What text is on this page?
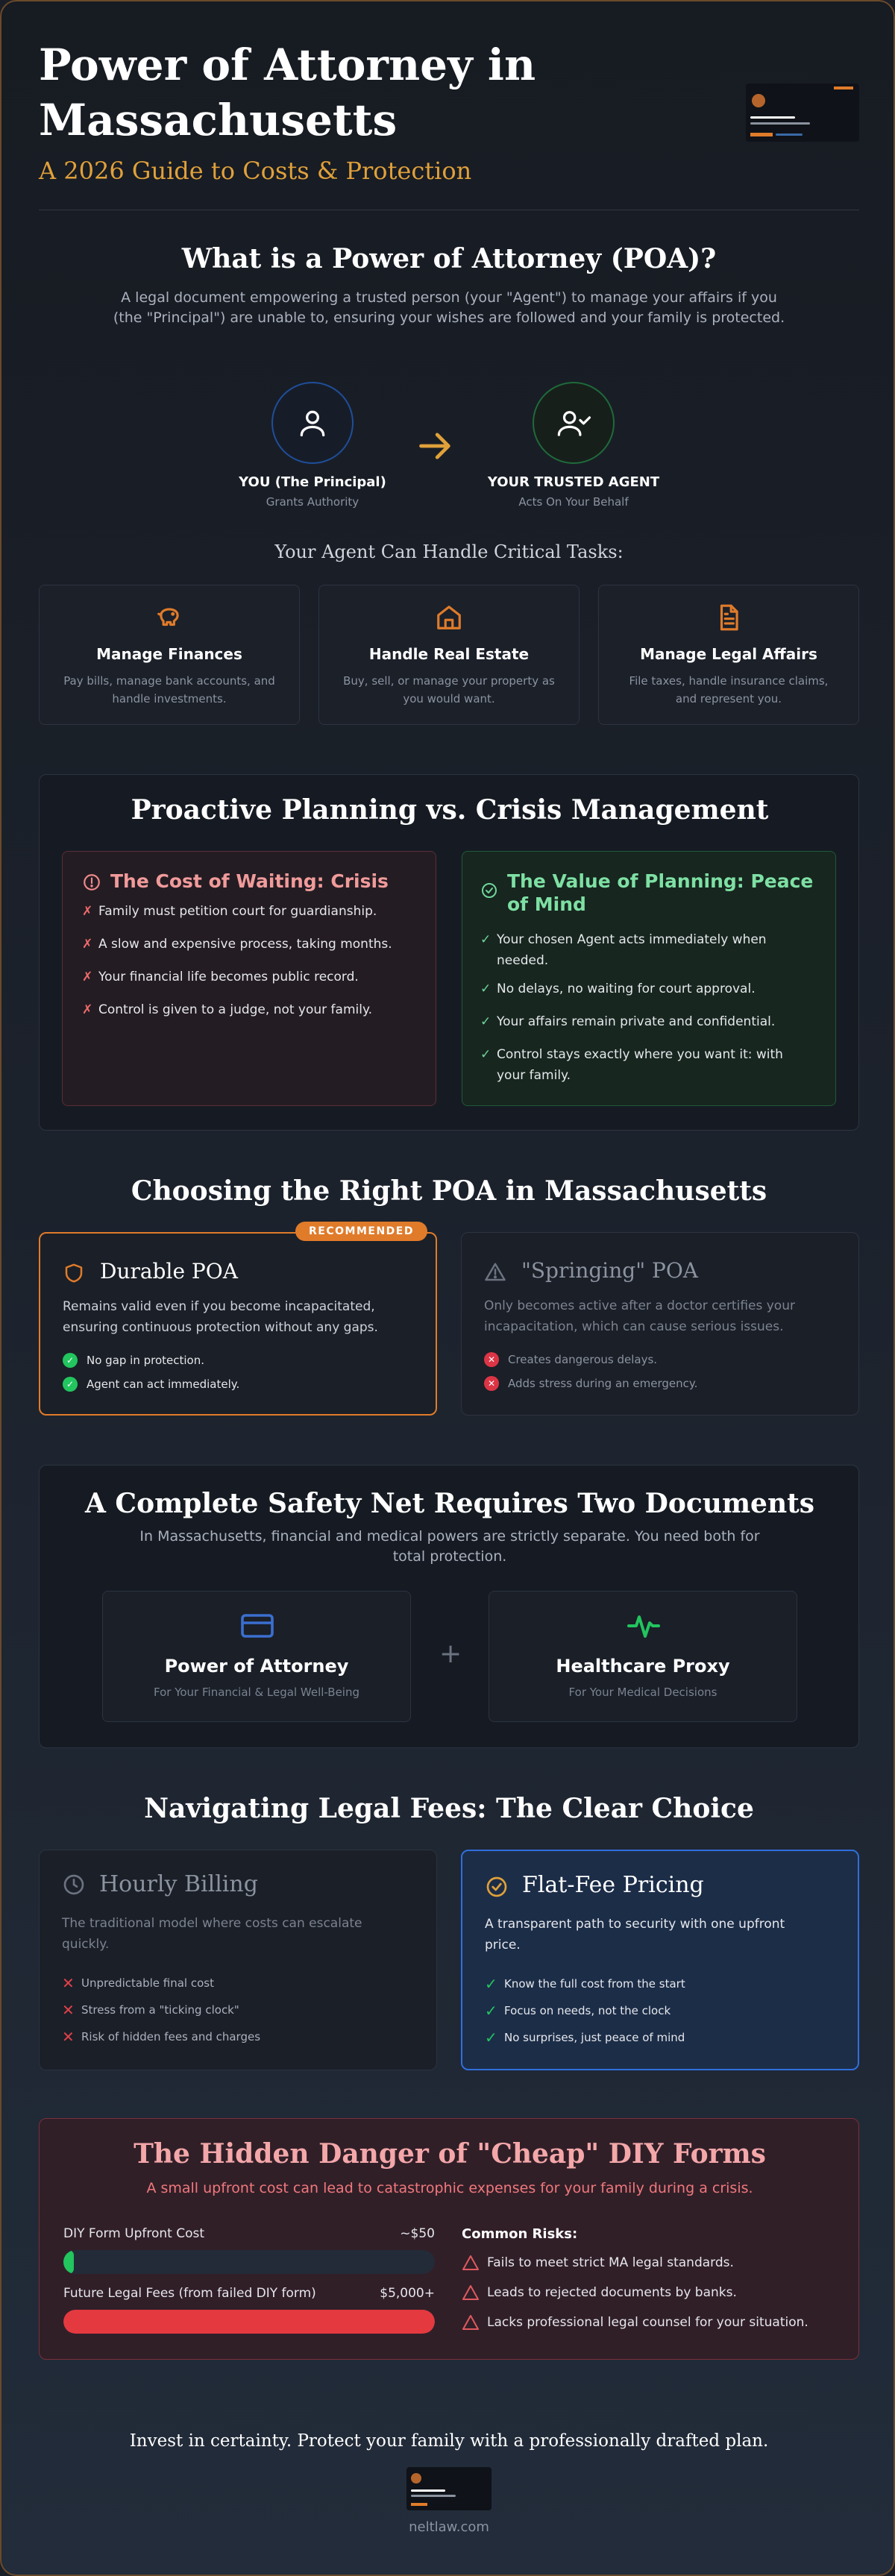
Power of Attorney in
Massachusetts
A 2026 Guide to Costs & Protection
What is a Power of Attorney (POA)?
A legal document empowering a trusted person (your "Agent") to manage your affairs if you (the "Principal") are unable to, ensuring your wishes are followed and your family is protected.
YOU (The Principal)
Grants Authority
YOUR TRUSTED AGENT
Acts On Your Behalf
Your Agent Can Handle Critical Tasks:
Manage Finances
Pay bills, manage bank accounts, and handle investments.
Handle Real Estate
Buy, sell, or manage your property as you would want.
Manage Legal Affairs
File taxes, handle insurance claims, and represent you.
Proactive Planning vs. Crisis Management
The Cost of Waiting: Crisis
✗ Family must petition court for guardianship.
✗ A slow and expensive process, taking months.
✗ Your financial life becomes public record.
✗ Control is given to a judge, not your family.
The Value of Planning: Peace
of Mind
✓ Your chosen Agent acts immediately when
needed.
✓ No delays, no waiting for court approval.
✓ Your affairs remain private and confidential.
✓ Control stays exactly where you want it: with
your family.
Choosing the Right POA in Massachusetts
Durable POA
Remains valid even if you become incapacitated,
ensuring continuous protection without any gaps.
✓	No gap in protection.
✓	Agent can act immediately.
RECOMMENDED
"Springing" POA
Only becomes active after a doctor certifies your
incapacitation, which can cause serious issues.
✕	Creates dangerous delays.
✕	Adds stress during an emergency.
A Complete Safety Net Requires Two Documents
In Massachusetts, financial and medical powers are strictly separate. You need both for
total protection.
Power of Attorney
For Your Financial & Legal Well-Being
+	Healthcare Proxy
For Your Medical Decisions
Navigating Legal Fees: The Clear Choice
Hourly Billing
The traditional model where costs can escalate
quickly.
✕ Unpredictable final cost
✕ Stress from a "ticking clock"
✕ Risk of hidden fees and charges
Flat-Fee Pricing
A transparent path to security with one upfront
price.
✓ Know the full cost from the start
✓ Focus on needs, not the clock
✓ No surprises, just peace of mind
The Hidden Danger of "Cheap" DIY Forms
A small upfront cost can lead to catastrophic expenses for your family during a crisis.
DIY Form Upfront Cost	~$50
Future Legal Fees (from failed DIY form)	$5,000+
Common Risks:
Fails to meet strict MA legal standards.
Leads to rejected documents by banks.
Lacks professional legal counsel for your situation.
Invest in certainty. Protect your family with a professionally drafted plan.
neltlaw.com
